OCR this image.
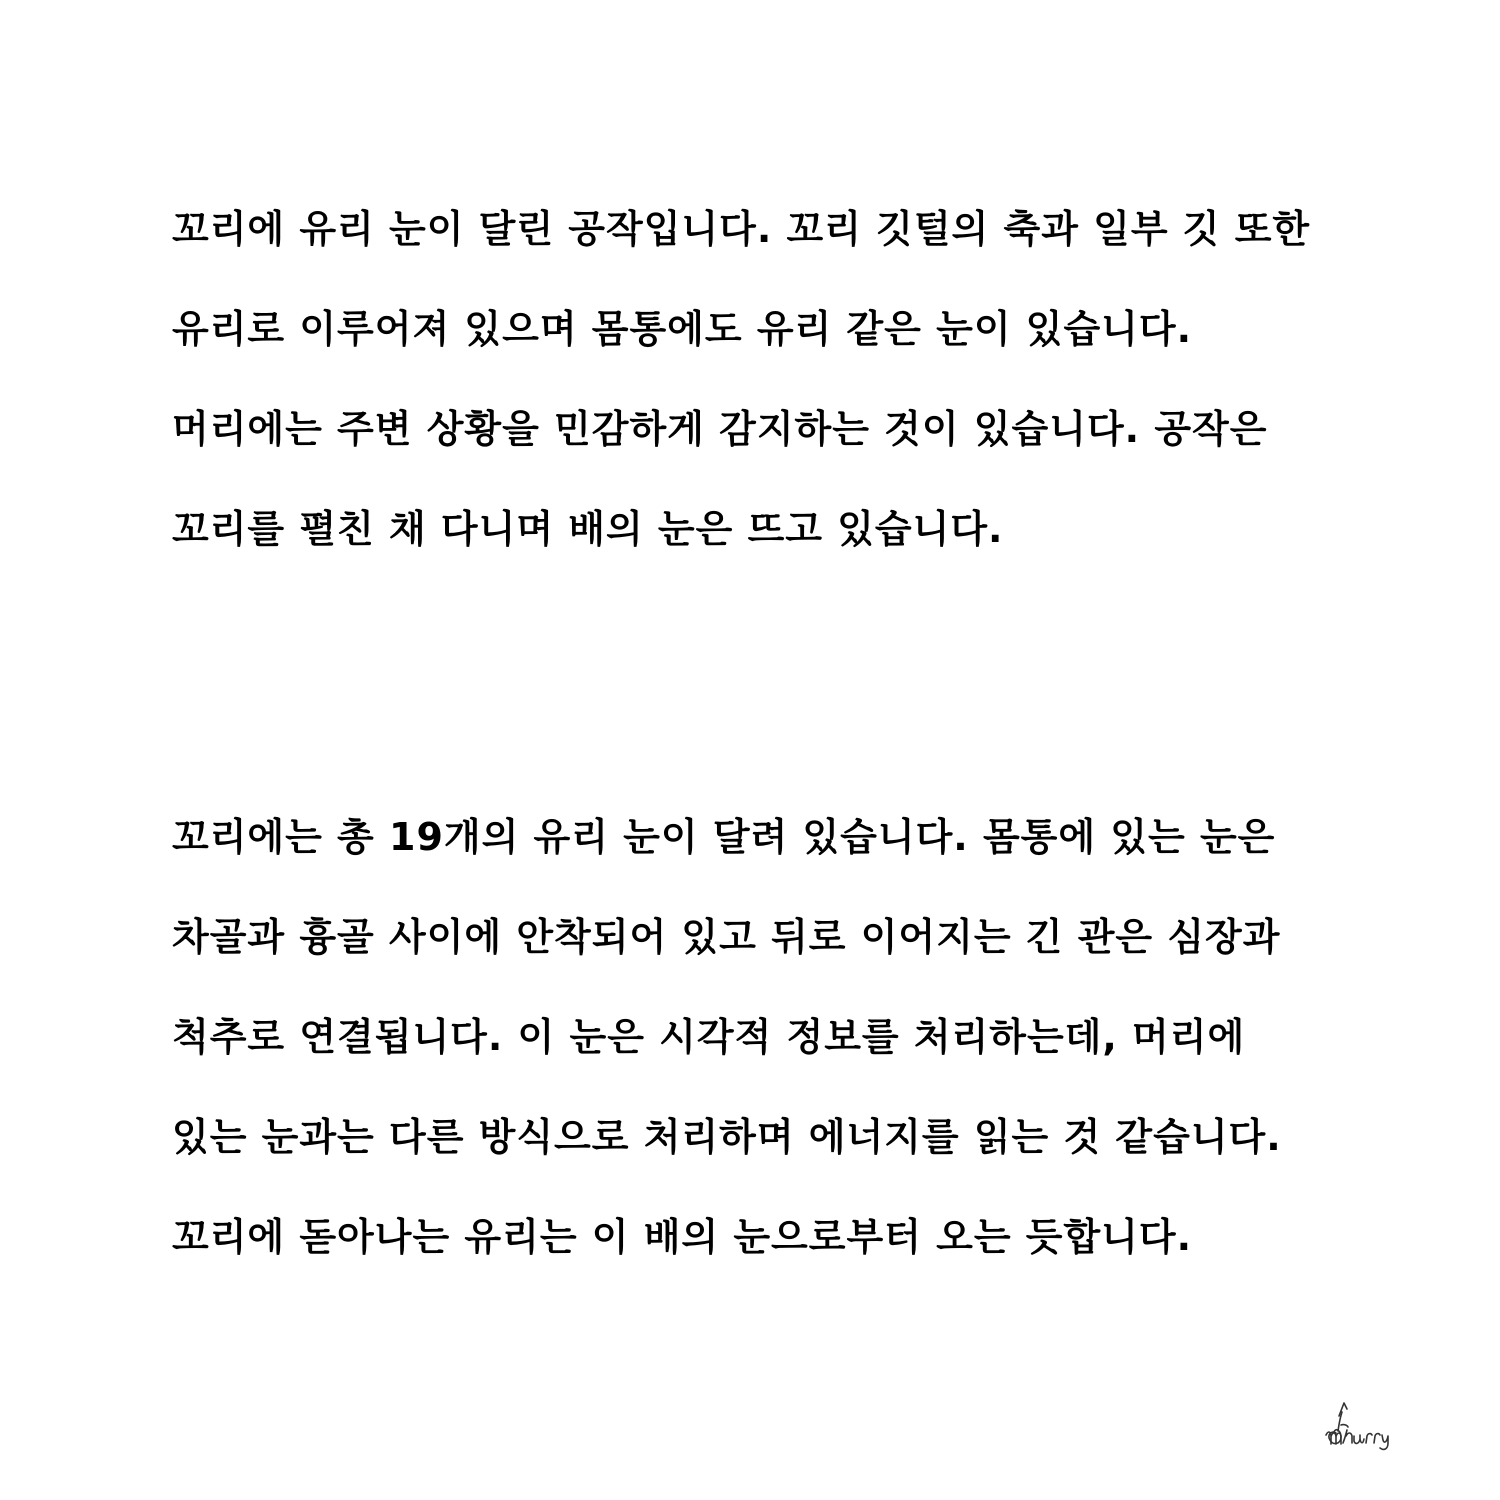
꼬리에 유리 눈이 달린 공작입니다. 꼬리 깃털의 축과 일부 깃 또한
유리로 이루어져 있으며 몸통에도 유리 같은 눈이 있습니다.
머리에는 주변 상황을 민감하게 감지하는 것이 있습니다. 공작은
꼬리를 펼친 채 다니며 배의 눈은 뜨고 있습니다.
꼬리에는 총 19개의 유리 눈이 달려 있습니다. 몸통에 있는 눈은
차골과 흉골 사이에 안착되어 있고 뒤로 이어지는 긴 관은 심장과
척추로 연결됩니다. 이 눈은 시각적 정보를 처리하는데, 머리에
있는 눈과는 다른 방식으로 처리하며 에너지를 읽는 것 같습니다.
꼬리에 돋아나는 유리는 이 배의 눈으로부터 오는 듯합니다.
